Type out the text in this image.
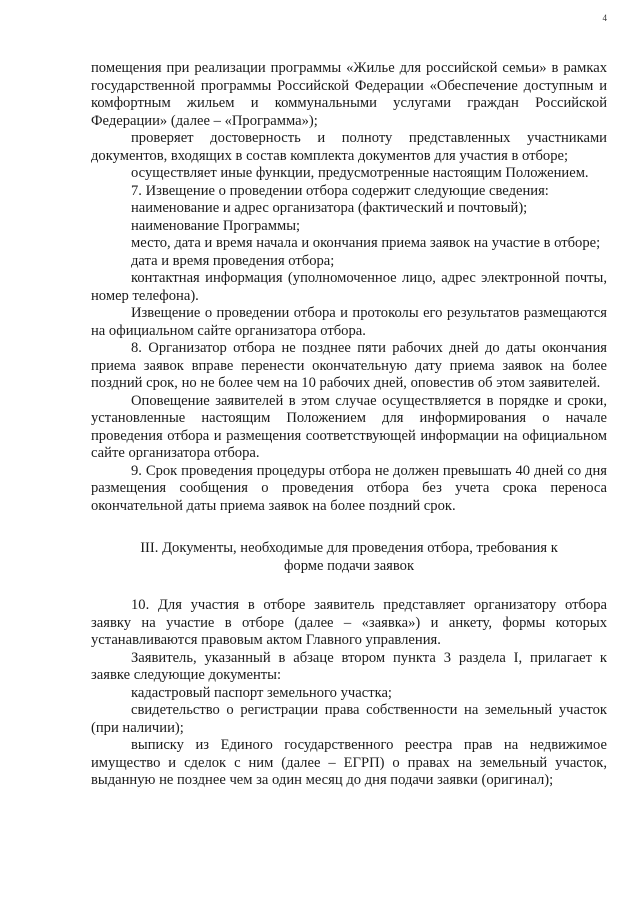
4

помещения при реализации программы «Жилье для российской семьи» в рамках государственной программы Российской Федерации «Обеспечение доступным и комфортным жильем и коммунальными услугами граждан Российской Федерации» (далее – «Программа»);

проверяет достоверность и полноту представленных участниками документов, входящих в состав комплекта документов для участия в отборе;

осуществляет иные функции, предусмотренные настоящим Положением.

7. Извещение о проведении отбора содержит следующие сведения:

наименование и адрес организатора (фактический и почтовый);

наименование Программы;

место, дата и время начала и окончания приема заявок на участие в отборе;

дата и время проведения отбора;

контактная информация (уполномоченное лицо, адрес электронной почты, номер телефона).

Извещение о проведении отбора и протоколы его результатов размещаются на официальном сайте организатора отбора.

8. Организатор отбора не позднее пяти рабочих дней до даты окончания приема заявок вправе перенести окончательную дату приема заявок на более поздний срок, но не более чем на 10 рабочих дней, оповестив об этом заявителей.

Оповещение заявителей в этом случае осуществляется в порядке и сроки, установленные настоящим Положением для информирования о начале проведения отбора и размещения соответствующей информации на официальном сайте организатора отбора.

9. Срок проведения процедуры отбора не должен превышать 40 дней со дня размещения сообщения о проведения отбора без учета срока переноса окончательной даты приема заявок на более поздний срок.

III. Документы, необходимые для проведения отбора, требования к
форме подачи заявок

10. Для участия в отборе заявитель представляет организатору отбора заявку на участие в отборе (далее – «заявка») и анкету, формы которых устанавливаются правовым актом Главного управления.

Заявитель, указанный в абзаце втором пункта 3 раздела I, прилагает к заявке следующие документы:

кадастровый паспорт земельного участка;

свидетельство о регистрации права собственности на земельный участок (при наличии);

выписку из Единого государственного реестра прав на недвижимое имущество и сделок с ним (далее – ЕГРП) о правах на земельный участок, выданную не позднее чем за один месяц до дня подачи заявки (оригинал);
